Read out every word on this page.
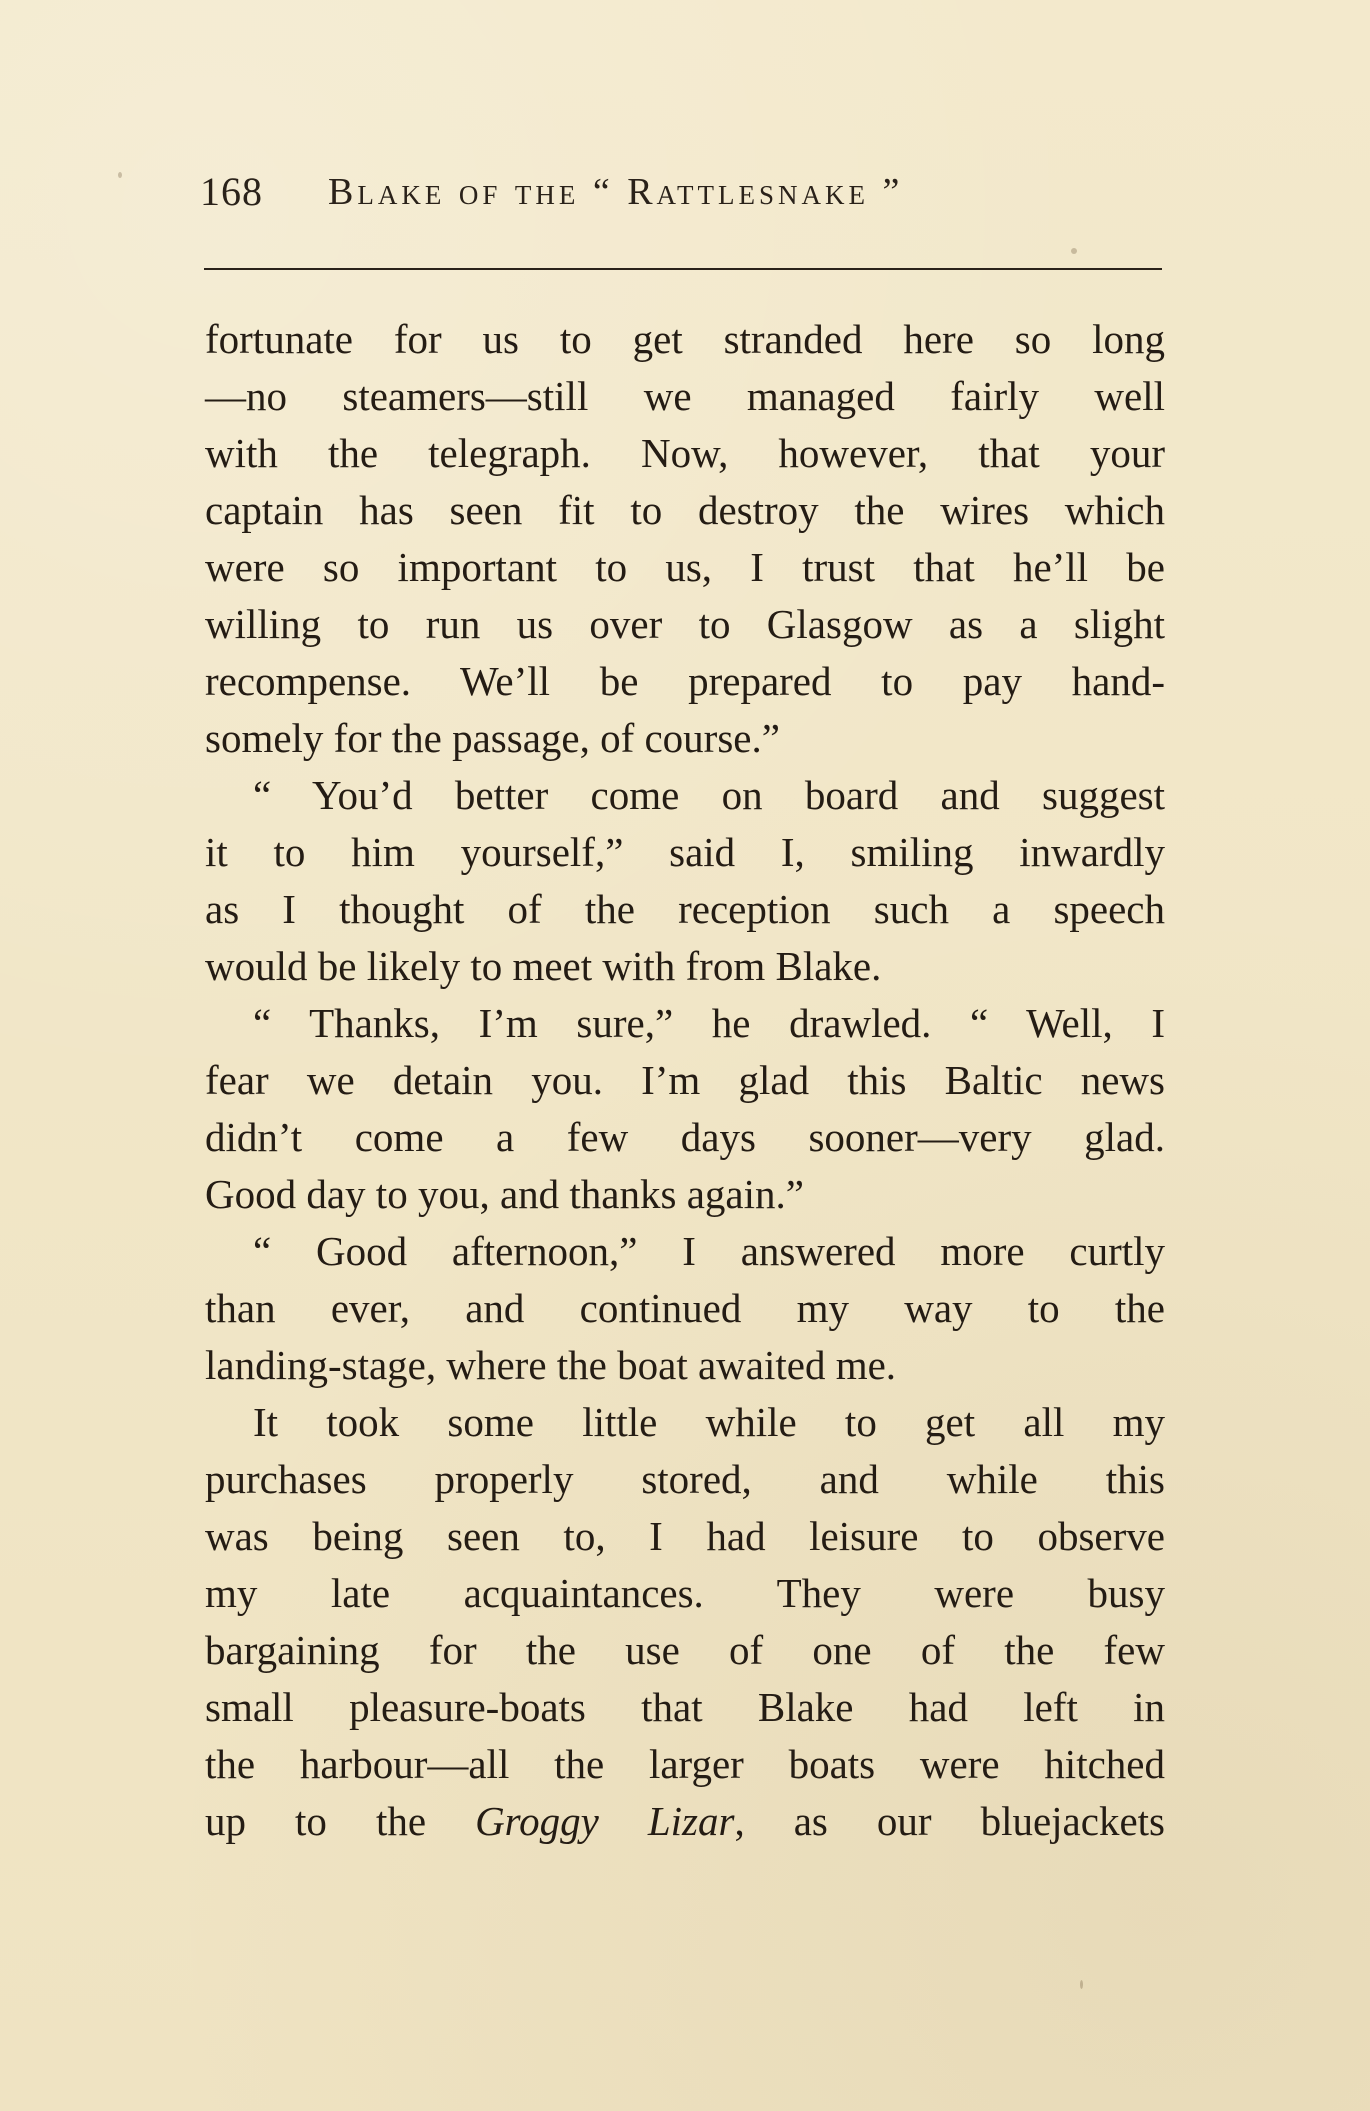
168 Blake of the “ Rattlesnake ”
fortunate for us to get stranded here so long
—no steamers—still we managed fairly well
with the telegraph. Now, however, that your
captain has seen fit to destroy the wires which
were so important to us, I trust that he’ll be
willing to run us over to Glasgow as a slight
recompense. We’ll be prepared to pay hand-
somely for the passage, of course.”
“ You’d better come on board and suggest
it to him yourself,” said I, smiling inwardly
as I thought of the reception such a speech
would be likely to meet with from Blake.
“ Thanks, I’m sure,” he drawled. “ Well, I
fear we detain you. I’m glad this Baltic news
didn’t come a few days sooner—very glad.
Good day to you, and thanks again.”
“ Good afternoon,” I answered more curtly
than ever, and continued my way to the
landing-stage, where the boat awaited me.
It took some little while to get all my
purchases properly stored, and while this
was being seen to, I had leisure to observe
my late acquaintances. They were busy
bargaining for the use of one of the few
small pleasure-boats that Blake had left in
the harbour—all the larger boats were hitched
up to the Groggy Lizar, as our bluejackets
